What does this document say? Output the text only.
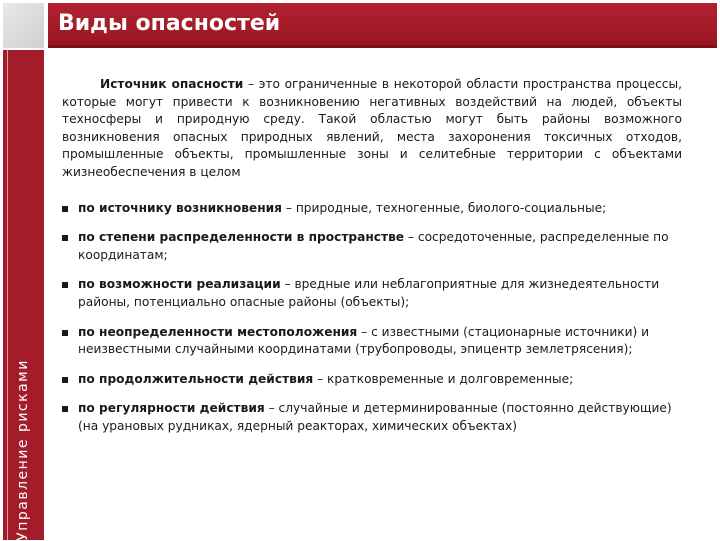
Виды опасностей
Управление рисками

Источник опасности – это ограниченные в некоторой области пространства процессы, которые могут привести к возникновению негативных воздействий на людей, объекты техносферы и природную среду. Такой областью могут быть районы возможного возникновения опасных природных явлений, места захоронения токсичных отходов, промышленные объекты, промышленные зоны и селитебные территории с объектами жизнеобеспечения в целом

по источнику возникновения – природные, техногенные, биолого-социальные;
по степени распределенности в пространстве – сосредоточенные, распределенные по координатам;
по возможности реализации – вредные или неблагоприятные для жизнедеятельности районы, потенциально опасные районы (объекты);
по неопределенности местоположения – с известными (стационарные источники) и неизвестными случайными координатами (трубопроводы, эпицентр землетрясения);
по продолжительности действия – кратковременные и долговременные;
по регулярности действия – случайные и детерминированные (постоянно действующие) (на урановых рудниках, ядерный реакторах, химических объектах)
